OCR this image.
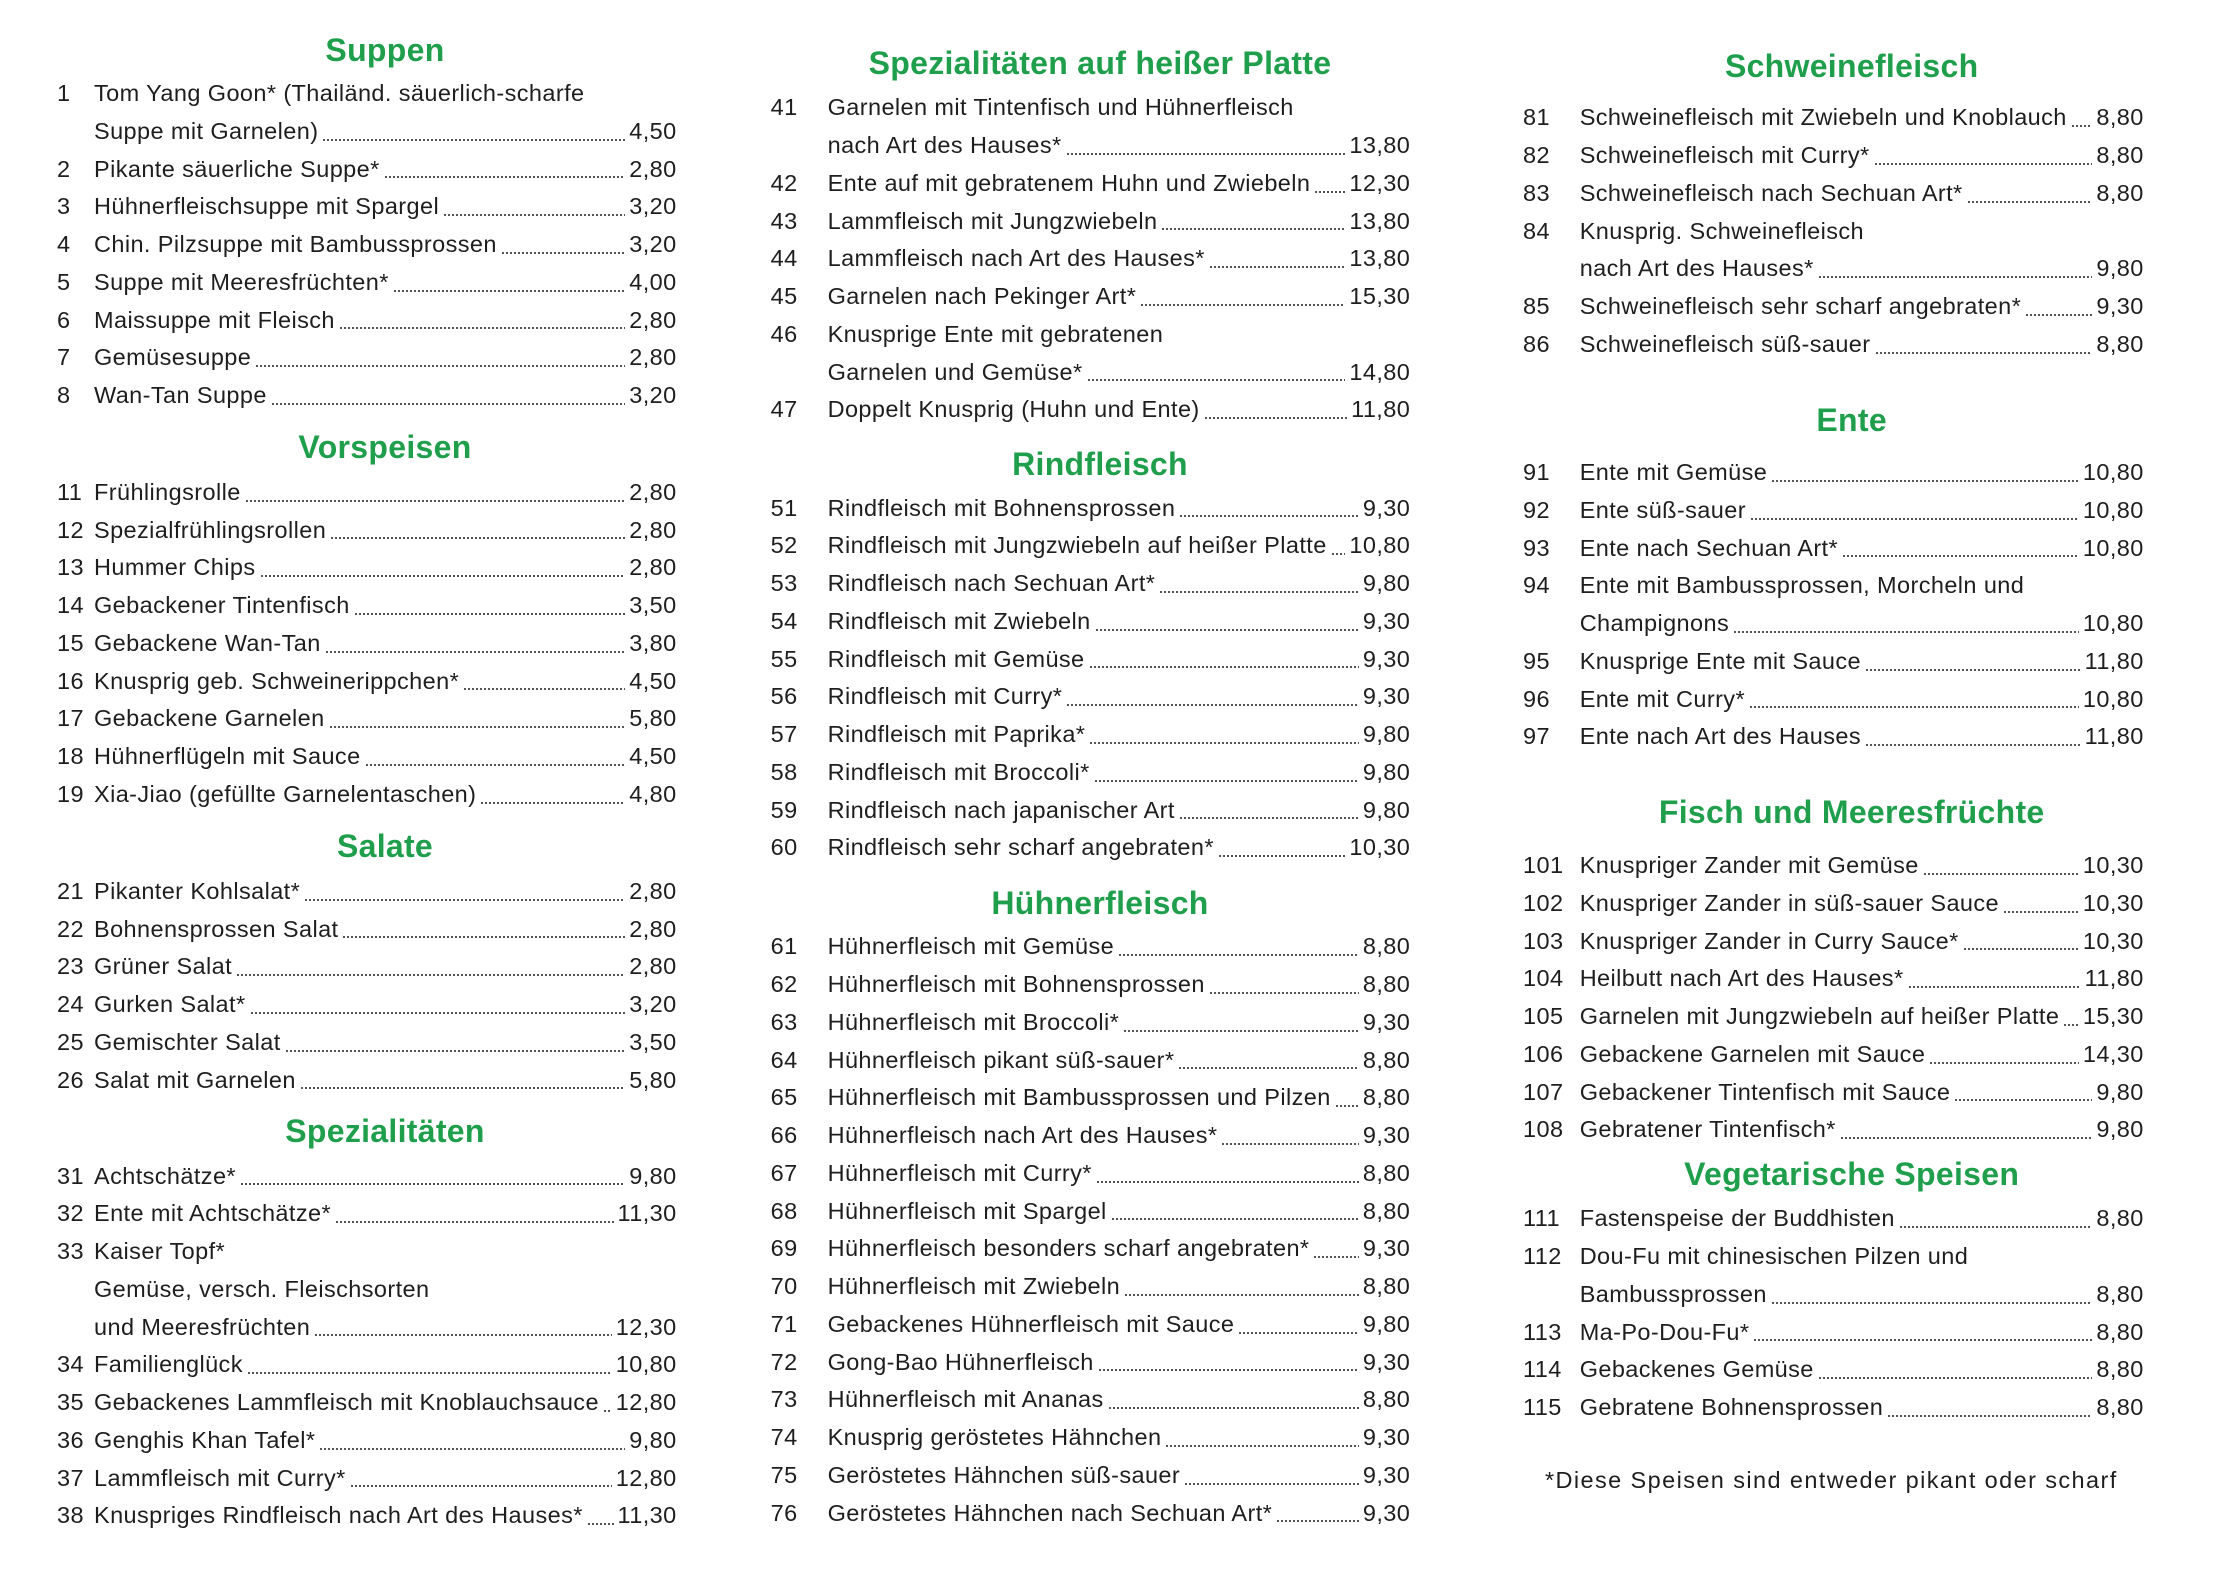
Suppen
1	Tom Yang Goon* (Thailänd. säuerlich-scharfe
Suppe mit Garnelen)	4,50
2	Pikante säuerliche Suppe*	2,80
3	Hühnerfleischsuppe mit Spargel	3,20
4	Chin. Pilzsuppe mit Bambussprossen	3,20
5	Suppe mit Meeresfrüchten*	4,00
6	Maissuppe mit Fleisch	2,80
7	Gemüsesuppe	2,80
8	Wan-Tan Suppe	3,20
Vorspeisen
11 Frühlingsrolle	2,80
12 Spezialfrühlingsrollen	2,80
13 Hummer Chips	2,80
14 Gebackener Tintenfisch	3,50
15 Gebackene Wan-Tan	3,80
16 Knusprig geb. Schweinerippchen*	4,50
17 Gebackene Garnelen	5,80
18 Hühnerflügeln mit Sauce	4,50
19 Xia-Jiao (gefüllte Garnelentaschen)	4,80
Salate
21 Pikanter Kohlsalat*	2,80
22 Bohnensprossen Salat	2,80
23 Grüner Salat	2,80
24 Gurken Salat*	3,20
25 Gemischter Salat	3,50
26 Salat mit Garnelen	5,80
Spezialitäten
31 Achtschätze*	9,80
32 Ente mit Achtschätze*	11,30
33 Kaiser Topf*
Gemüse, versch. Fleischsorten
und Meeresfrüchten	12,30
34 Familienglück	10,80
35 Gebackenes Lammfleisch mit Knoblauchsauce 12,80
36 Genghis Khan Tafel*	9,80
37 Lammfleisch mit Curry*	12,80
38 Knuspriges Rindfleisch nach Art des Hauses* 11,30
Spezialitäten auf heißer Platte
41	Garnelen mit Tintenfisch und Hühnerfleisch
nach Art des Hauses*	13,80
42	Ente auf mit gebratenem Huhn und Zwiebeln 12,30
43	Lammfleisch mit Jungzwiebeln	13,80
44	Lammfleisch nach Art des Hauses*	13,80
45	Garnelen nach Pekinger Art*	15,30
46	Knusprige Ente mit gebratenen
Garnelen und Gemüse*	14,80
47	Doppelt Knusprig (Huhn und Ente)	11,80
Rindfleisch
51	Rindfleisch mit Bohnensprossen	9,30
52	Rindfleisch mit Jungzwiebeln auf heißer Platte 10,80
53	Rindfleisch nach Sechuan Art*	9,80
54	Rindfleisch mit Zwiebeln	9,30
55	Rindfleisch mit Gemüse	9,30
56	Rindfleisch mit Curry*	9,30
57	Rindfleisch mit Paprika*	9,80
58	Rindfleisch mit Broccoli*	9,80
59	Rindfleisch nach japanischer Art	9,80
60	Rindfleisch sehr scharf angebraten*	10,30
Hühnerfleisch
61	Hühnerfleisch mit Gemüse	8,80
62	Hühnerfleisch mit Bohnensprossen	8,80
63	Hühnerfleisch mit Broccoli*	9,30
64	Hühnerfleisch pikant süß-sauer*	8,80
65	Hühnerfleisch mit Bambussprossen und Pilzen 8,80
66	Hühnerfleisch nach Art des Hauses*	9,30
67	Hühnerfleisch mit Curry*	8,80
68	Hühnerfleisch mit Spargel	8,80
69	Hühnerfleisch besonders scharf angebraten* 9,30
70	Hühnerfleisch mit Zwiebeln	8,80
71	Gebackenes Hühnerfleisch mit Sauce	9,80
72	Gong-Bao Hühnerfleisch	9,30
73	Hühnerfleisch mit Ananas	8,80
74	Knusprig geröstetes Hähnchen	9,30
75	Geröstetes Hähnchen süß-sauer	9,30
76	Geröstetes Hähnchen nach Sechuan Art*	9,30
Schweinefleisch
81	Schweinefleisch mit Zwiebeln und Knoblauch 8,80
82	Schweinefleisch mit Curry*	8,80
83	Schweinefleisch nach Sechuan Art*	8,80
84	Knusprig. Schweinefleisch
nach Art des Hauses*	9,80
85	Schweinefleisch sehr scharf angebraten*	9,30
86	Schweinefleisch süß-sauer	8,80
Ente
91	Ente mit Gemüse	10,80
92	Ente süß-sauer	10,80
93	Ente nach Sechuan Art*	10,80
94	Ente mit Bambussprossen, Morcheln und
Champignons	10,80
95	Knusprige Ente mit Sauce	11,80
96	Ente mit Curry*	10,80
97	Ente nach Art des Hauses	11,80
Fisch und Meeresfrüchte
101 Knuspriger Zander mit Gemüse	10,30
102 Knuspriger Zander in süß-sauer Sauce	10,30
103 Knuspriger Zander in Curry Sauce*	10,30
104 Heilbutt nach Art des Hauses*	11,80
105 Garnelen mit Jungzwiebeln auf heißer Platte 15,30
106 Gebackene Garnelen mit Sauce	14,30
107 Gebackener Tintenfisch mit Sauce	9,80
108 Gebratener Tintenfisch*	9,80
Vegetarische Speisen
111 Fastenspeise der Buddhisten	8,80
112 Dou-Fu mit chinesischen Pilzen und
Bambussprossen	8,80
113 Ma-Po-Dou-Fu*	8,80
114 Gebackenes Gemüse	8,80
115 Gebratene Bohnensprossen	8,80
*Diese Speisen sind entweder pikant oder scharf
